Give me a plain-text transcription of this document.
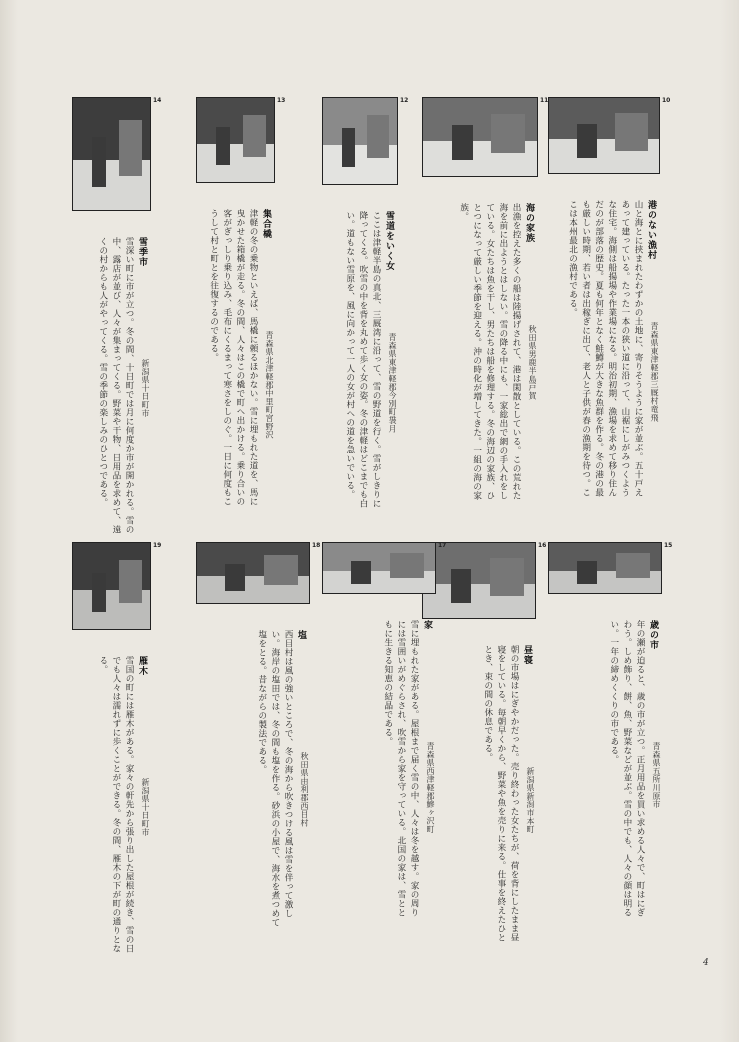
10
港のない漁村
青森県東津軽郡三厩村竜飛
山と海とに挟まれたわずかの土地に、寄りそうように家が並ぶ。五十戸えあって建っている。たった一本の狭い道に沿って、山裾にしがみつくような住宅。海側は船揚場や作業場になる。明治初期、漁場を求めて移り住んだのが部落の歴史。夏も何年となく鮭鱒が大きな魚群を作る。冬の港の最も厳しい時期、若い者は出稼ぎに出て、老人と子供が春の漁期を待つ。ここは本州最北の漁村である。
11
海の家族
秋田県男鹿半島戸賀
出漁を控えた多くの船は陸揚げされて、港は閑散としている。この荒れた海を前に出ようとはしない。雪の降る中にも、一家総出で網の手入れをしている。女たちは魚を干し、男たちは船を修理する。冬の海辺の家族、ひとつになって厳しい季節を迎える。沖の時化が増してきた。一組の海の家族。
12
雪道をいく女
青森県東津軽郡今別町袰月
ここは津軽半島の真北、三厩湾に沿って、雪の野道を行く。雪がしきりに降ってくる。吹雪の中を背を丸めて歩く女の姿。冬の津軽はどこまでも白い。道もない雪原を、風に向かって一人の女が村への道を急いでいる。
13
集合橇
青森県北津軽郡中里町宮野沢
津軽の冬の乗物といえば、馬橇に頼るほかない。雪に埋もれた道を、馬に曳かせた箱橇が走る。冬の間、人々はこの橇で町へ出かける。乗り合いの客がぎっしり乗り込み、毛布にくるまって寒さをしのぐ。一日に何度もこうして村と町とを往復するのである。
14
雪季市
新潟県十日町市
雪深い町に市が立つ。冬の間、十日町では月に何度か市が開かれる。雪の中、露店が並び、人々が集まってくる。野菜や干物、日用品を求めて、遠くの村からも人がやってくる。雪の季節の楽しみのひとつである。
15
歳の市
青森県五所川原市
年の瀬が迫ると、歳の市が立つ。正月用品を買い求める人々で、町はにぎわう。しめ飾り、餅、魚、野菜などが並ぶ。雪の中でも、人々の顔は明るい。一年の締めくくりの市である。
16
昼寝
新潟県新潟市本町
朝の市場はにぎやかだった。売り終わった女たちが、荷を背にしたまま昼寝をしている。毎朝早くから、野菜や魚を売りに来る。仕事を終えたひととき、束の間の休息である。
17
家
青森県西津軽郡鰺ヶ沢町
雪に埋もれた家がある。屋根まで届く雪の中、人々は冬を越す。家の周りには雪囲いがめぐらされ、吹雪から家を守っている。北国の家は、雪とともに生きる知恵の結晶である。
18
塩
秋田県由利郡西目村
西目村は風の強いところで、冬の海から吹きつける風は雪を伴って激しい。海岸の塩田では、冬の間も塩を作る。砂浜の小屋で、海水を煮つめて塩をとる。昔ながらの製法である。
19
雁木
新潟県十日町市
雪国の町には雁木がある。家々の軒先から張り出した屋根が続き、雪の日でも人々は濡れずに歩くことができる。冬の間、雁木の下が町の通りとなる。
4
